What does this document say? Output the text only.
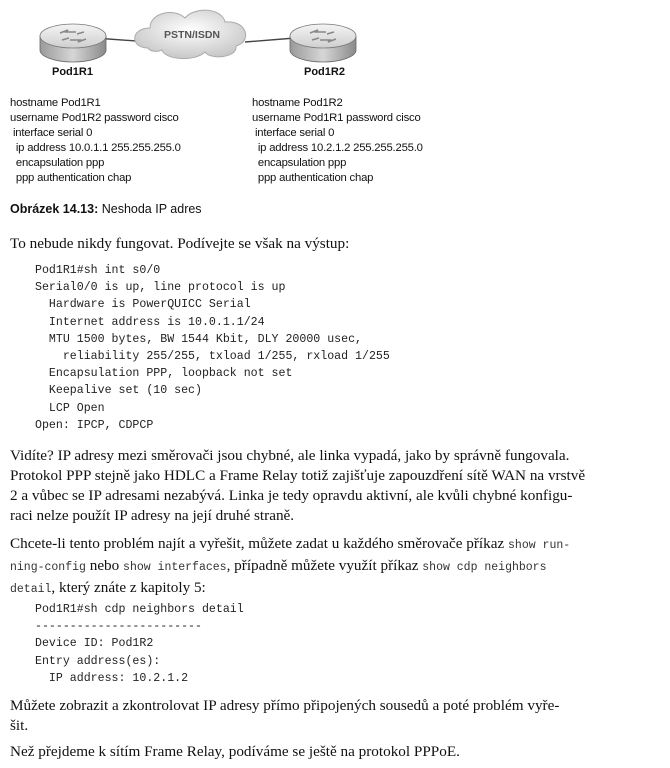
PSTN/ISDN
Pod1R1	Pod1R2
hostname Pod1R1
username Pod1R2 password cisco
interface serial 0
ip address 10.0.1.1 255.255.255.0
encapsulation ppp
ppp authentication chap
hostname Pod1R2
username Pod1R1 password cisco
interface serial 0
ip address 10.2.1.2 255.255.255.0
encapsulation ppp
ppp authentication chap
Obrázek 14.13: Neshoda IP adres
To nebude nikdy fungovat. Podívejte se však na výstup:
Pod1R1#sh int s0/0
Serial0/0 is up, line protocol is up
Hardware is PowerQUICC Serial
Internet address is 10.0.1.1/24
MTU 1500 bytes, BW 1544 Kbit, DLY 20000 usec,
reliability 255/255, txload 1/255, rxload 1/255
Encapsulation PPP, loopback not set
Keepalive set (10 sec)
LCP Open
Open: IPCP, CDPCP
Vidíte? IP adresy mezi směrovači jsou chybné, ale linka vypadá, jako by správně fungovala.
Protokol PPP stejně jako HDLC a Frame Relay totiž zajišťuje zapouzdření sítě WAN na vrstvě
2 a vůbec se IP adresami nezabývá. Linka je tedy opravdu aktivní, ale kvůli chybné konfigu-
raci nelze použít IP adresy na její druhé straně.
Chcete-li tento problém najít a vyřešit, můžete zadat u každého směrovače příkaz show run-
ning-config nebo show interfaces, případně můžete využít příkaz show cdp neighbors
detail, který znáte z kapitoly 5:
Pod1R1#sh cdp neighbors detail
------------------------
Device ID: Pod1R2
Entry address(es):
IP address: 10.2.1.2
Můžete zobrazit a zkontrolovat IP adresy přímo připojených sousedů a poté problém vyře-
šit.
Než přejdeme k sítím Frame Relay, podíváme se ještě na protokol PPPoE.
